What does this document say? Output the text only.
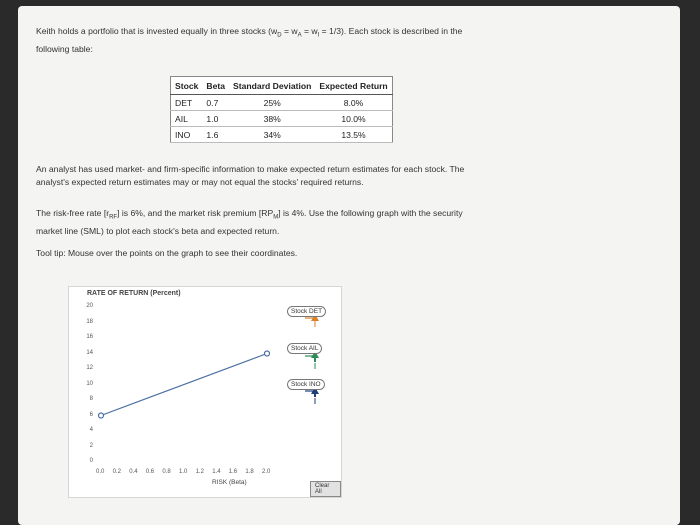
Keith holds a portfolio that is invested equally in three stocks $(w_D = w_A = w_I = 1/3)$. Each stock is described in the
following table:
Stock	Beta	Standard Deviation	Expected Return
DET	0.7	25%	8.0%
AIL	1.0	38%	10.0%
INO	1.6	34%	13.5%
An analyst has used market- and firm-specific information to make expected return estimates for each stock. The
analyst's expected return estimates may or may not equal the stocks' required returns.
The risk-free rate $[r_{RF}]$ is 6%, and the market risk premium $[RP_M]$ is 4%. Use the following graph with the security
market line (SML) to plot each stock's beta and expected return.
Tool tip: Mouse over the points on the graph to see their coordinates.
RATE OF RETURN (Percent)
20
18
16
14
12
10
8
6
4
2
0
Stock DET
Stock AIL
Stock INO
0.0 0.2 0.4 0.6 0.8 1.0 1.2 1.4 1.6 1.8 2.0
RISK (Beta)	Clear All
